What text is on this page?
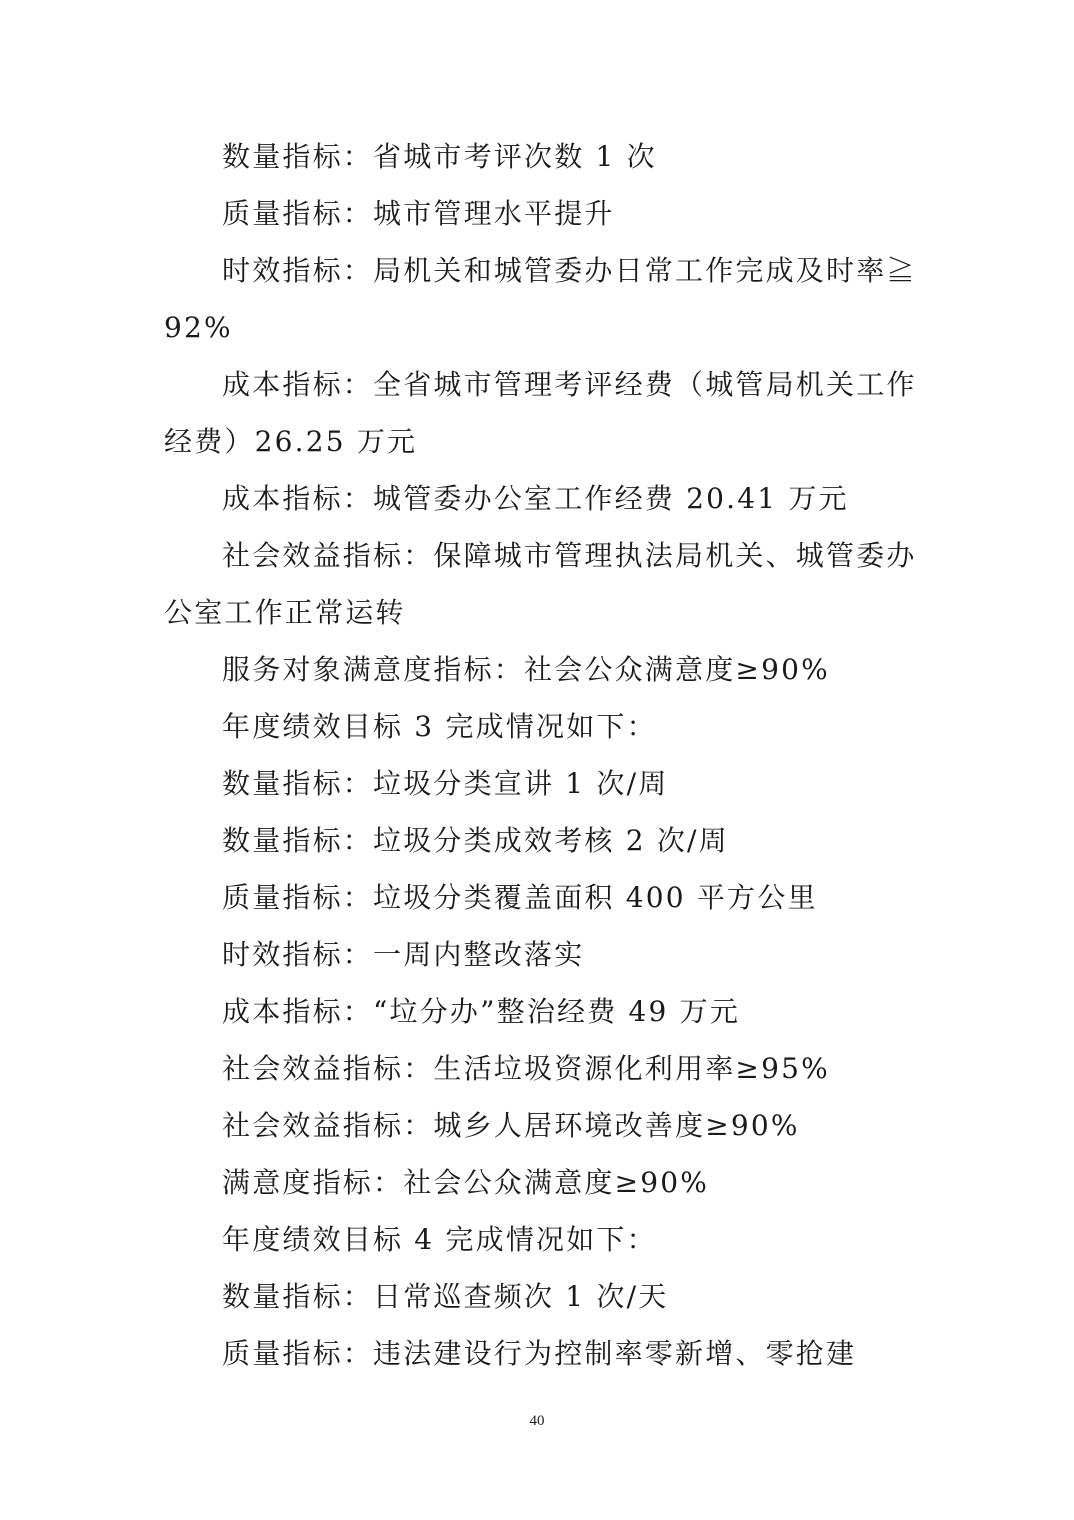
数量指标：省城市考评次数 1 次

质量指标：城市管理水平提升

时效指标：局机关和城管委办日常工作完成及时率≧92%

成本指标：全省城市管理考评经费（城管局机关工作经费）26.25 万元

成本指标：城管委办公室工作经费 20.41 万元

社会效益指标：保障城市管理执法局机关、城管委办公室工作正常运转

服务对象满意度指标：社会公众满意度≥90%

年度绩效目标 3 完成情况如下：

数量指标：垃圾分类宣讲 1 次/周

数量指标：垃圾分类成效考核 2 次/周

质量指标：垃圾分类覆盖面积 400 平方公里

时效指标：一周内整改落实

成本指标：“垃分办”整治经费 49 万元

社会效益指标：生活垃圾资源化利用率≥95%

社会效益指标：城乡人居环境改善度≥90%

满意度指标：社会公众满意度≥90%

年度绩效目标 4 完成情况如下：

数量指标：日常巡查频次 1 次/天

质量指标：违法建设行为控制率零新增、零抢建

40
